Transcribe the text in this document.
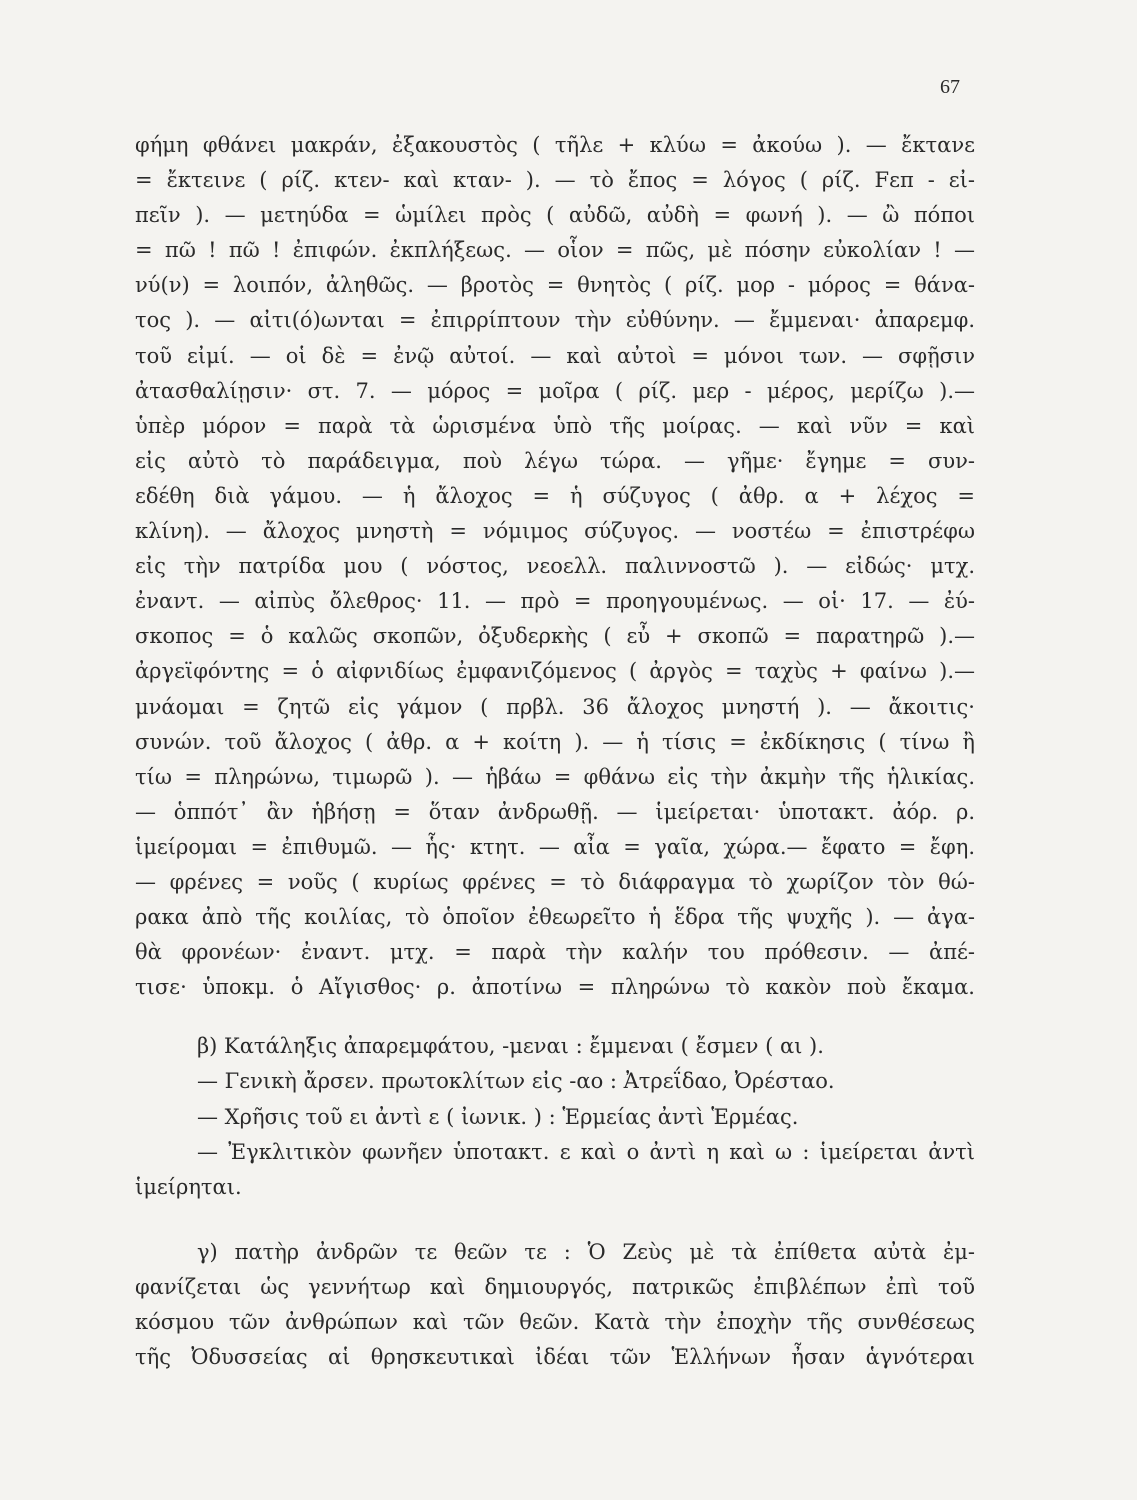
67
φήμη φθάνει μακράν, ἐξακουστὸς ( τῆλε + κλύω = ἀκούω ). — ἔκτανε
= ἔκτεινε ( ρίζ. κτεν- καὶ κταν- ). — τὸ ἔπος = λόγος ( ρίζ. Fεπ - εἰ-
πεῖν ). — μετηύδα = ὡμίλει πρὸς ( αὐδῶ, αὐδὴ = φωνή ). — ὢ πόποι
= πῶ ! πῶ ! ἐπιφών. ἐκπλήξεως. — οἷον = πῶς, μὲ πόσην εὐκολίαν ! —
νύ(ν) = λοιπόν, ἀληθῶς. — βροτὸς = θνητὸς ( ρίζ. μορ - μόρος = θάνα-
τος ). — αἰτι(ό)ωνται = ἐπιρρίπτουν τὴν εὐθύνην. — ἔμμεναι· ἀπαρεμφ.
τοῦ εἰμί. — οἱ δὲ = ἐνῷ αὐτοί. — καὶ αὐτοὶ = μόνοι των. — σφῇσιν
ἀτασθαλίῃσιν· στ. 7. — μόρος = μοῖρα ( ρίζ. μερ - μέρος, μερίζω ).—
ὑπὲρ μόρον = παρὰ τὰ ὡρισμένα ὑπὸ τῆς μοίρας. — καὶ νῦν = καὶ
εἰς αὐτὸ τὸ παράδειγμα, ποὺ λέγω τώρα. — γῆμε· ἔγημε = συν-
εδέθη διὰ γάμου. — ἡ ἄλοχος = ἡ σύζυγος ( ἀθρ. α + λέχος =
κλίνη). — ἄλοχος μνηστὴ = νόμιμος σύζυγος. — νοστέω = ἐπιστρέφω
εἰς τὴν πατρίδα μου ( νόστος, νεοελλ. παλιννοστῶ ). — εἰδώς· μτχ.
ἐναντ. — αἰπὺς ὄλεθρος· 11. — πρὸ = προηγουμένως. — οἱ· 17. — ἐύ-
σκοπος = ὁ καλῶς σκοπῶν, ὀξυδερκὴς ( εὖ + σκοπῶ = παρατηρῶ ).—
ἀργεϊφόντης = ὁ αἰφνιδίως ἐμφανιζόμενος ( ἀργὸς = ταχὺς + φαίνω ).—
μνάομαι = ζητῶ εἰς γάμον ( πρβλ. 36 ἄλοχος μνηστή ). — ἄκοιτις·
συνών. τοῦ ἄλοχος ( ἀθρ. α + κοίτη ). — ἡ τίσις = ἐκδίκησις ( τίνω ἢ
τίω = πληρώνω, τιμωρῶ ). — ἡβάω = φθάνω εἰς τὴν ἀκμὴν τῆς ἡλικίας.
— ὁππότ᾽ ἂν ἡβήσῃ = ὅταν ἀνδρωθῇ. — ἱμείρεται· ὑποτακτ. ἀόρ. ρ.
ἱμείρομαι = ἐπιθυμῶ. — ἧς· κτητ. — αἶα = γαῖα, χώρα.— ἔφατο = ἔφη.
— φρένες = νοῦς ( κυρίως φρένες = τὸ διάφραγμα τὸ χωρίζον τὸν θώ-
ρακα ἀπὸ τῆς κοιλίας, τὸ ὁποῖον ἐθεωρεῖτο ἡ ἕδρα τῆς ψυχῆς ). — ἀγα-
θὰ φρονέων· ἐναντ. μτχ. = παρὰ τὴν καλήν του πρόθεσιν. — ἀπέ-
τισε· ὑποκμ. ὁ Αἴγισθος· ρ. ἀποτίνω = πληρώνω τὸ κακὸν ποὺ ἔκαμα.
β) Κατάληξις ἀπαρεμφάτου, -μεναι : ἔμμεναι ( ἔσμεν ( αι ).
— Γενικὴ ἄρσεν. πρωτοκλίτων εἰς -αο : Ἀτρεΐδαο, Ὀρέσταο.
— Χρῆσις τοῦ ει ἀντὶ ε ( ἰωνικ. ) : Ἑρμείας ἀντὶ Ἑρμέας.
— Ἐγκλιτικὸν φωνῆεν ὑποτακτ. ε καὶ ο ἀντὶ η καὶ ω : ἱμείρεται ἀντὶ
ἱμείρηται.
γ) πατὴρ ἀνδρῶν τε θεῶν τε : Ὁ Ζεὺς μὲ τὰ ἐπίθετα αὐτὰ ἐμ-
φανίζεται ὡς γεννήτωρ καὶ δημιουργός, πατρικῶς ἐπιβλέπων ἐπὶ τοῦ
κόσμου τῶν ἀνθρώπων καὶ τῶν θεῶν. Κατὰ τὴν ἐποχὴν τῆς συνθέσεως
τῆς Ὀδυσσείας αἱ θρησκευτικαὶ ἰδέαι τῶν Ἑλλήνων ἦσαν ἁγνότεραι
